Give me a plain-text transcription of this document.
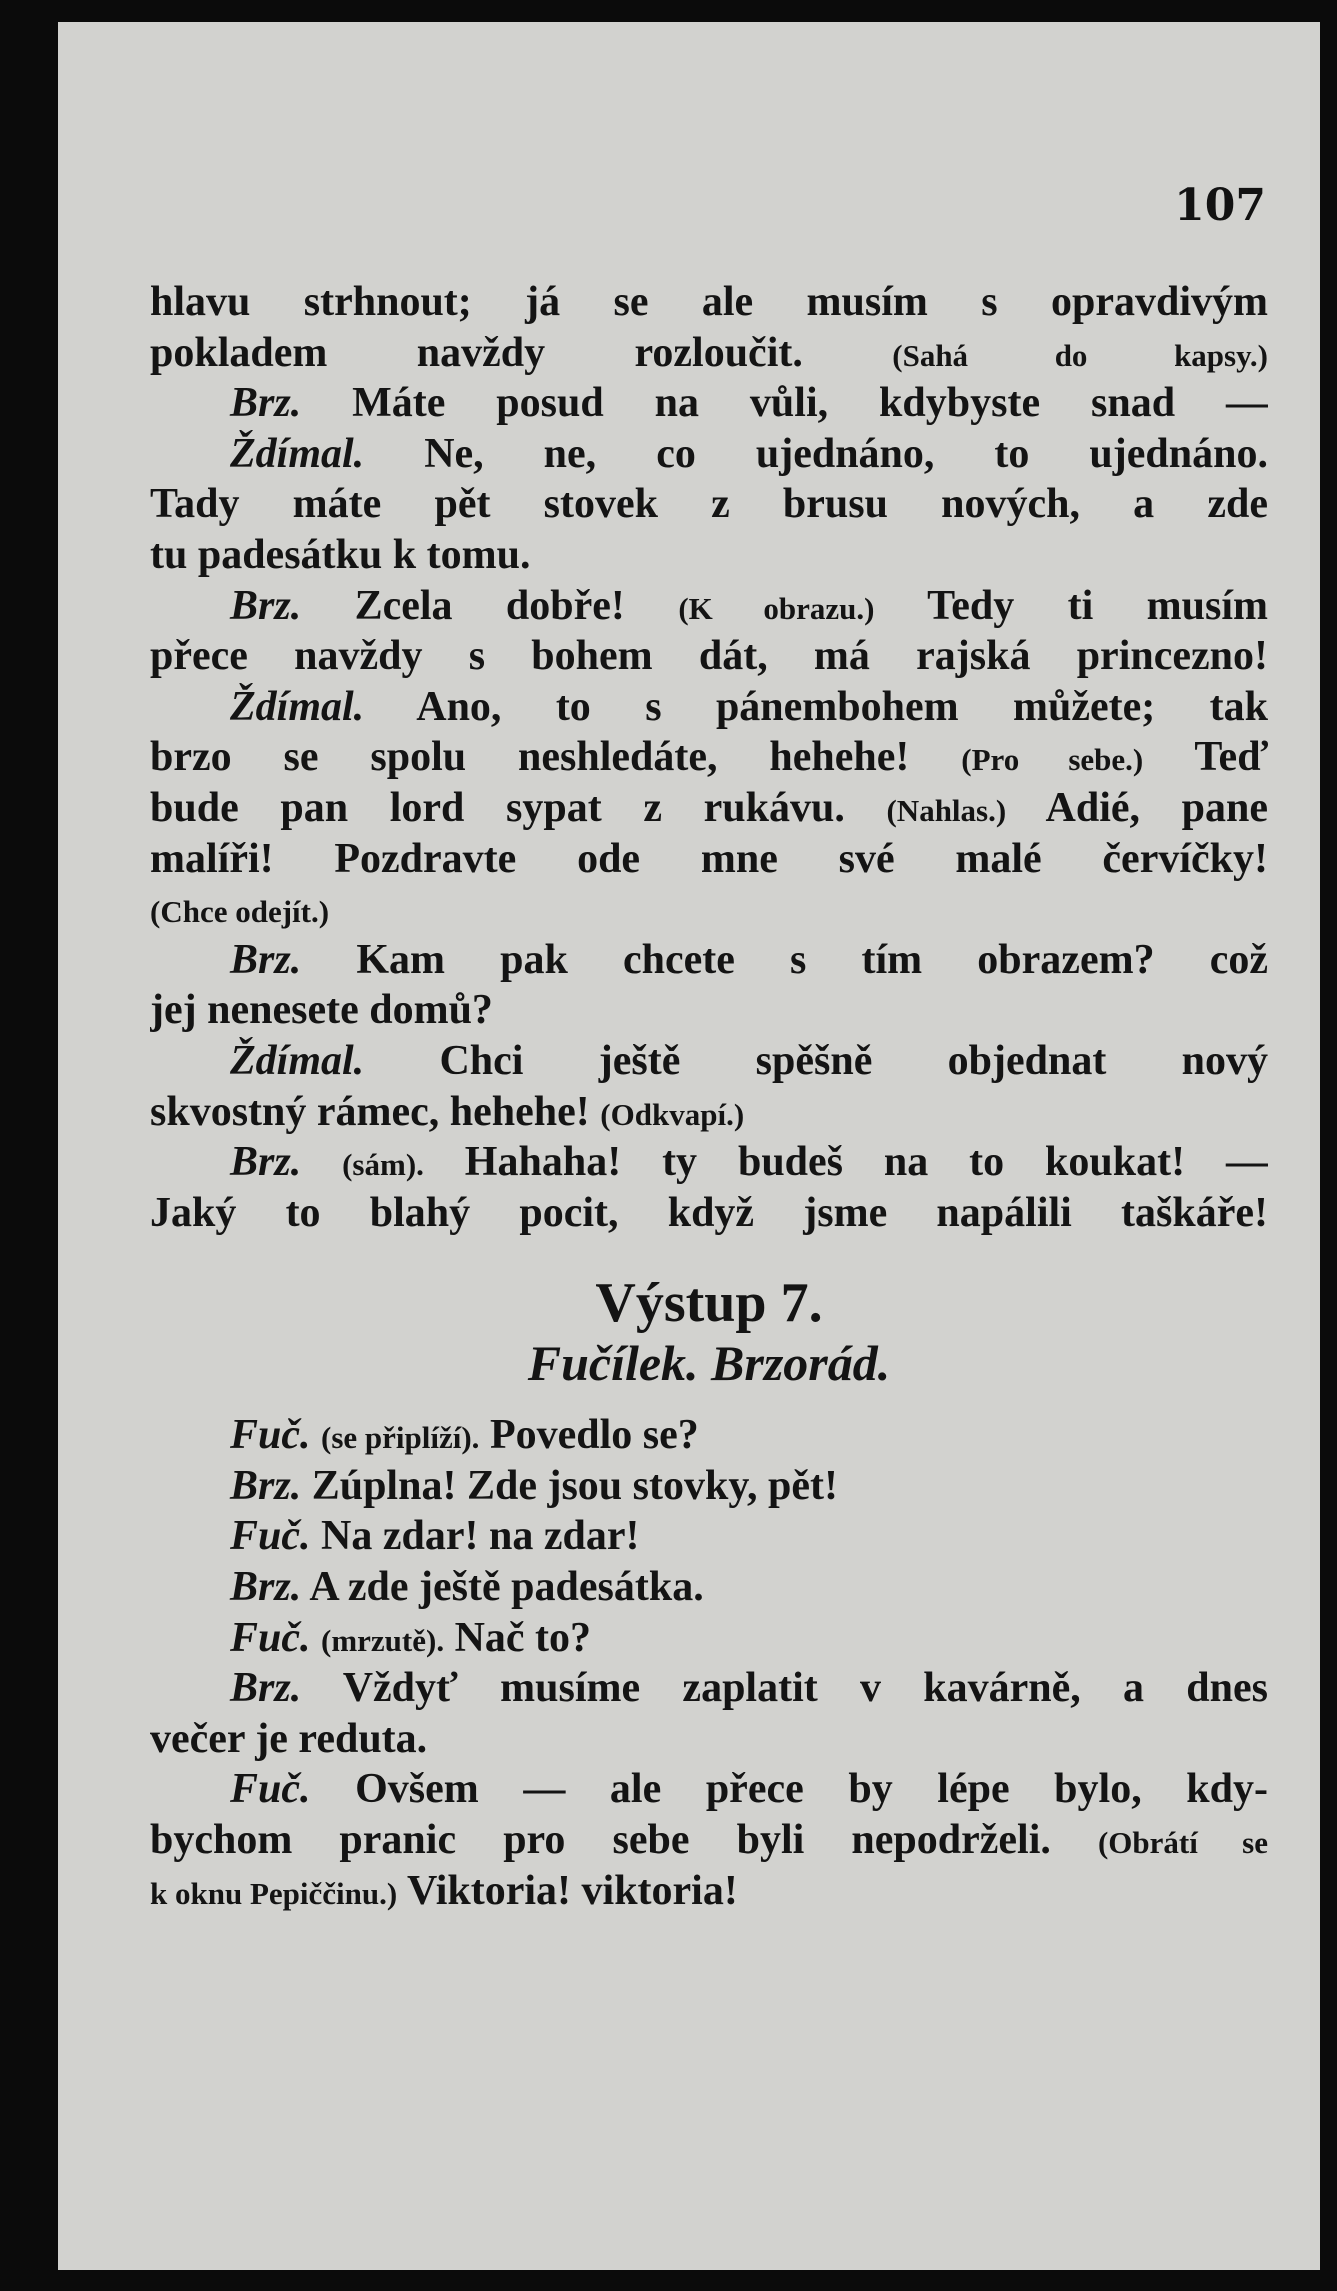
107
hlavu strhnout; já se ale musím s opravdivým
pokladem navždy rozloučit. (Sahá do kapsy.)
Brz. Máte posud na vůli, kdybyste snad —
Ždímal. Ne, ne, co ujednáno, to ujednáno.
Tady máte pět stovek z brusu nových, a zde
tu padesátku k tomu.
Brz. Zcela dobře! (K obrazu.) Tedy ti musím
přece navždy s bohem dát, má rajská princezno!
Ždímal. Ano, to s pánembohem můžete; tak
brzo se spolu neshledáte, hehehe! (Pro sebe.) Teď
bude pan lord sypat z rukávu. (Nahlas.) Adié, pane
malíři! Pozdravte ode mne své malé červíčky!
(Chce odejít.)
Brz. Kam pak chcete s tím obrazem? což
jej nenesete domů?
Ždímal. Chci ještě spěšně objednat nový
skvostný rámec, hehehe! (Odkvapí.)
Brz. (sám). Hahaha! ty budeš na to koukat! —
Jaký to blahý pocit, když jsme napálili taškáře!
Výstup 7.
Fučílek. Brzorád.
Fuč. (se připlíží). Povedlo se?
Brz. Zúplna! Zde jsou stovky, pět!
Fuč. Na zdar! na zdar!
Brz. A zde ještě padesátka.
Fuč. (mrzutě). Nač to?
Brz. Vždyť musíme zaplatit v kavárně, a dnes
večer je reduta.
Fuč. Ovšem — ale přece by lépe bylo, kdy-
bychom pranic pro sebe byli nepodrželi. (Obrátí se
k oknu Pepiččinu.) Viktoria! viktoria!
